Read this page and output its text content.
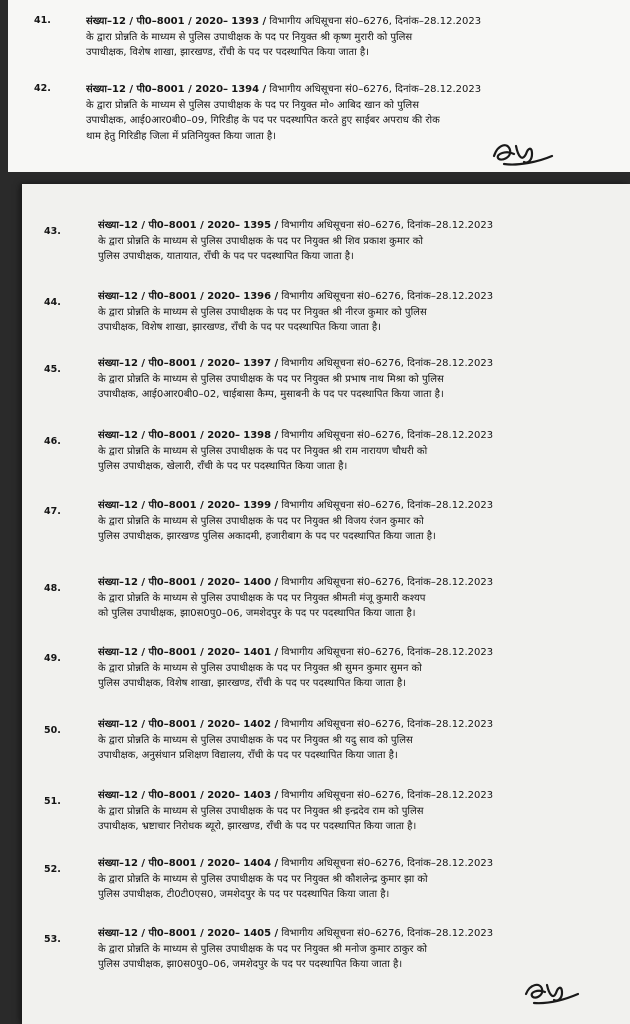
41.	संख्या–12 / पी0–8001 / 2020– 1393 / विभागीय अधिसूचना सं0–6276, दिनांक–28.12.2023
के द्वारा प्रोन्नति के माध्यम से पुलिस उपाधीक्षक के पद पर नियुक्त श्री कृष्ण मुरारी को पुलिस
उपाधीक्षक, विशेष शाखा, झारखण्ड, राँची के पद पर पदस्थापित किया जाता है।
42.	संख्या–12 / पी0–8001 / 2020– 1394 / विभागीय अधिसूचना सं0–6276, दिनांक–28.12.2023
के द्वारा प्रोन्नति के माध्यम से पुलिस उपाधीक्षक के पद पर नियुक्त मो० आबिद खान को पुलिस
उपाधीक्षक, आई0आर0बी0–09, गिरिडीह के पद पर पदस्थापित करते हुए साईबर अपराध की रोक
थाम हेतु गिरिडीह जिला में प्रतिनियुक्त किया जाता है।
43.
संख्या–12 / पी0–8001 / 2020– 1395 / विभागीय अधिसूचना सं0–6276, दिनांक–28.12.2023
के द्वारा प्रोन्नति के माध्यम से पुलिस उपाधीक्षक के पद पर नियुक्त श्री शिव प्रकाश कुमार को
पुलिस उपाधीक्षक, यातायात, राँची के पद पर पदस्थापित किया जाता है।
44.
संख्या–12 / पी0–8001 / 2020– 1396 / विभागीय अधिसूचना सं0–6276, दिनांक–28.12.2023
के द्वारा प्रोन्नति के माध्यम से पुलिस उपाधीक्षक के पद पर नियुक्त श्री नीरज कुमार को पुलिस
उपाधीक्षक, विशेष शाखा, झारखण्ड, राँची के पद पर पदस्थापित किया जाता है।
45.
संख्या–12 / पी0–8001 / 2020– 1397 / विभागीय अधिसूचना सं0–6276, दिनांक–28.12.2023
के द्वारा प्रोन्नति के माध्यम से पुलिस उपाधीक्षक के पद पर नियुक्त श्री प्रभाष नाथ मिश्रा को पुलिस
उपाधीक्षक, आई0आर0बी0–02, चाईबासा कैम्प, मुसाबनी के पद पर पदस्थापित किया जाता है।
46.
संख्या–12 / पी0–8001 / 2020– 1398 / विभागीय अधिसूचना सं0–6276, दिनांक–28.12.2023
के द्वारा प्रोन्नति के माध्यम से पुलिस उपाधीक्षक के पद पर नियुक्त श्री राम नारायण चौधरी को
पुलिस उपाधीक्षक, खेलारी, राँची के पद पर पदस्थापित किया जाता है।
47.
संख्या–12 / पी0–8001 / 2020– 1399 / विभागीय अधिसूचना सं0–6276, दिनांक–28.12.2023
के द्वारा प्रोन्नति के माध्यम से पुलिस उपाधीक्षक के पद पर नियुक्त श्री विजय रंजन कुमार को
पुलिस उपाधीक्षक, झारखण्ड पुलिस अकादमी, हजारीबाग के पद पर पदस्थापित किया जाता है।
48.
संख्या–12 / पी0–8001 / 2020– 1400 / विभागीय अधिसूचना सं0–6276, दिनांक–28.12.2023
के द्वारा प्रोन्नति के माध्यम से पुलिस उपाधीक्षक के पद पर नियुक्त श्रीमती मंजू कुमारी कश्यप
को पुलिस उपाधीक्षक, झा0स0पु0–06, जमशेदपुर के पद पर पदस्थापित किया जाता है।
49.
संख्या–12 / पी0–8001 / 2020– 1401 / विभागीय अधिसूचना सं0–6276, दिनांक–28.12.2023
के द्वारा प्रोन्नति के माध्यम से पुलिस उपाधीक्षक के पद पर नियुक्त श्री सुमन कुमार सुमन को
पुलिस उपाधीक्षक, विशेष शाखा, झारखण्ड, राँची के पद पर पदस्थापित किया जाता है।
50.
संख्या–12 / पी0–8001 / 2020– 1402 / विभागीय अधिसूचना सं0–6276, दिनांक–28.12.2023
के द्वारा प्रोन्नति के माध्यम से पुलिस उपाधीक्षक के पद पर नियुक्त श्री यदु साव को पुलिस
उपाधीक्षक, अनुसंधान प्रशिक्षण विद्यालय, राँची के पद पर पदस्थापित किया जाता है।
51.
संख्या–12 / पी0–8001 / 2020– 1403 / विभागीय अधिसूचना सं0–6276, दिनांक–28.12.2023
के द्वारा प्रोन्नति के माध्यम से पुलिस उपाधीक्षक के पद पर नियुक्त श्री इन्द्रदेव राम को पुलिस
उपाधीक्षक, भ्रष्टाचार निरोधक ब्यूरो, झारखण्ड, राँची के पद पर पदस्थापित किया जाता है।
52.
संख्या–12 / पी0–8001 / 2020– 1404 / विभागीय अधिसूचना सं0–6276, दिनांक–28.12.2023
के द्वारा प्रोन्नति के माध्यम से पुलिस उपाधीक्षक के पद पर नियुक्त श्री कौशलेन्द्र कुमार झा को
पुलिस उपाधीक्षक, टी0टी0एस0, जमशेदपुर के पद पर पदस्थापित किया जाता है।
53.
संख्या–12 / पी0–8001 / 2020– 1405 / विभागीय अधिसूचना सं0–6276, दिनांक–28.12.2023
के द्वारा प्रोन्नति के माध्यम से पुलिस उपाधीक्षक के पद पर नियुक्त श्री मनोज कुमार ठाकुर को
पुलिस उपाधीक्षक, झा0स0पु0–06, जमशेदपुर के पद पर पदस्थापित किया जाता है।
